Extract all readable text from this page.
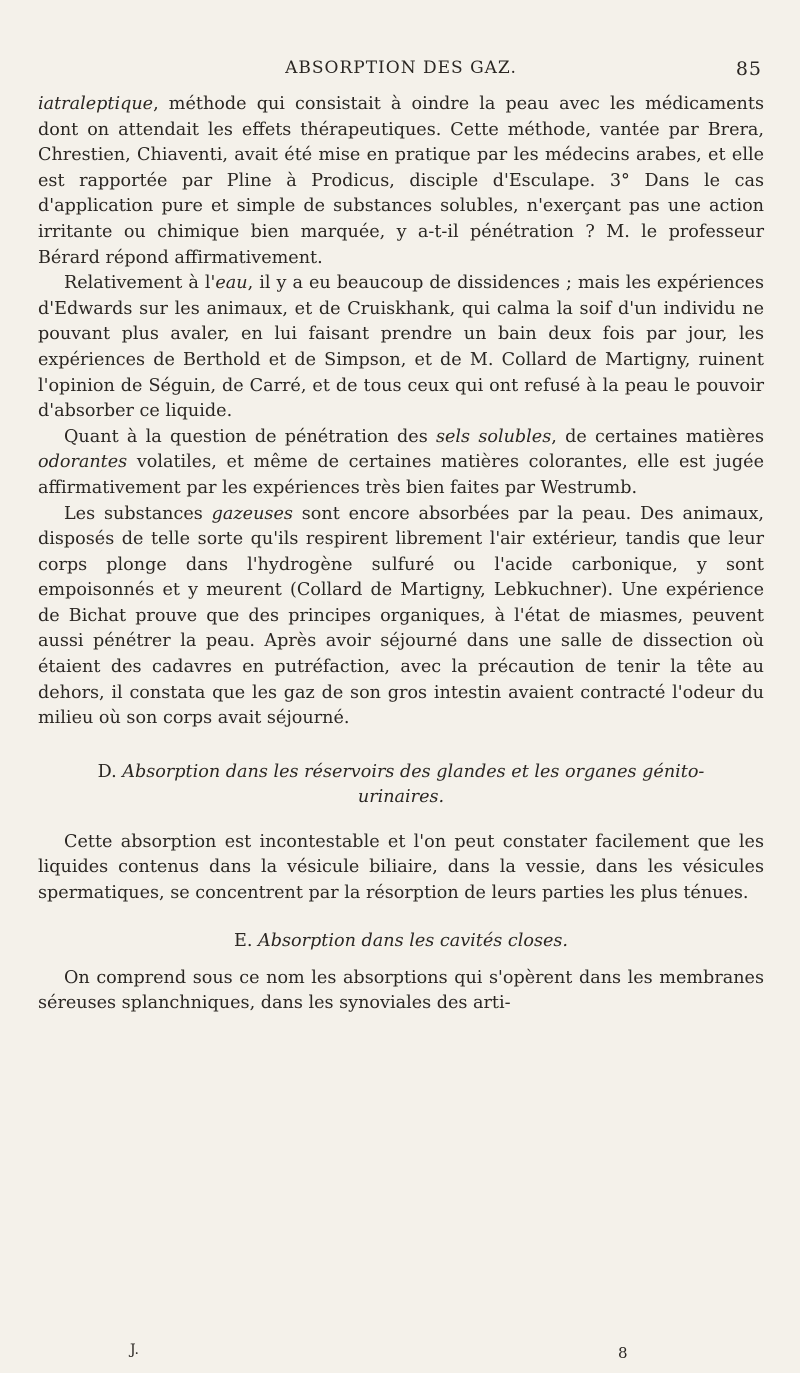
ABSORPTION DES GAZ.	85

iatraleptique, méthode qui consistait à oindre la peau avec les médicaments dont on attendait les effets thérapeutiques. Cette méthode, vantée par Brera, Chrestien, Chiaventi, avait été mise en pratique par les médecins arabes, et elle est rapportée par Pline à Prodicus, disciple d'Esculape. 3° Dans le cas d'application pure et simple de substances solubles, n'exerçant pas une action irritante ou chimique bien marquée, y a-t-il pénétration ? M. le professeur Bérard répond affirmativement.

Relativement à l'eau, il y a eu beaucoup de dissidences ; mais les expériences d'Edwards sur les animaux, et de Cruiskhank, qui calma la soif d'un individu ne pouvant plus avaler, en lui faisant prendre un bain deux fois par jour, les expériences de Berthold et de Simpson, et de M. Collard de Martigny, ruinent l'opinion de Séguin, de Carré, et de tous ceux qui ont refusé à la peau le pouvoir d'absorber ce liquide.

Quant à la question de pénétration des sels solubles, de certaines matières odorantes volatiles, et même de certaines matières colorantes, elle est jugée affirmativement par les expériences très bien faites par Westrumb.

Les substances gazeuses sont encore absorbées par la peau. Des animaux, disposés de telle sorte qu'ils respirent librement l'air extérieur, tandis que leur corps plonge dans l'hydrogène sulfuré ou l'acide carbonique, y sont empoisonnés et y meurent (Collard de Martigny, Lebkuchner). Une expérience de Bichat prouve que des principes organiques, à l'état de miasmes, peuvent aussi pénétrer la peau. Après avoir séjourné dans une salle de dissection où étaient des cadavres en putréfaction, avec la précaution de tenir la tête au dehors, il constata que les gaz de son gros intestin avaient contracté l'odeur du milieu où son corps avait séjourné.

D. Absorption dans les réservoirs des glandes et les organes génito-urinaires.

Cette absorption est incontestable et l'on peut constater facilement que les liquides contenus dans la vésicule biliaire, dans la vessie, dans les vésicules spermatiques, se concentrent par la résorption de leurs parties les plus ténues.

E. Absorption dans les cavités closes.

On comprend sous ce nom les absorptions qui s'opèrent dans les membranes séreuses splanchniques, dans les synoviales des arti-

J.	8
